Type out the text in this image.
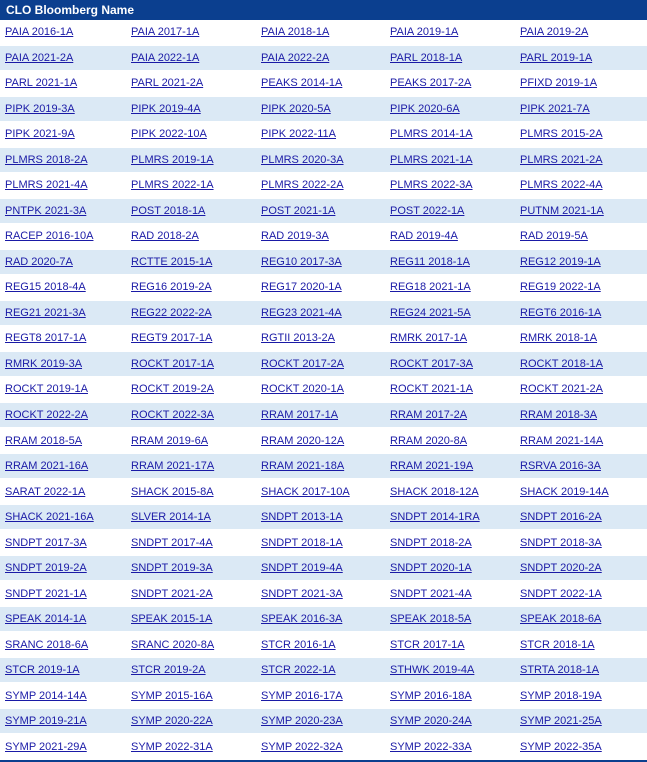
CLO Bloomberg Name
PAIA 2016-1A	PAIA 2017-1A	PAIA 2018-1A	PAIA 2019-1A	PAIA 2019-2A
PAIA 2021-2A	PAIA 2022-1A	PAIA 2022-2A	PARL 2018-1A	PARL 2019-1A
PARL 2021-1A	PARL 2021-2A	PEAKS 2014-1A	PEAKS 2017-2A	PFIXD 2019-1A
PIPK 2019-3A	PIPK 2019-4A	PIPK 2020-5A	PIPK 2020-6A	PIPK 2021-7A
PIPK 2021-9A	PIPK 2022-10A	PIPK 2022-11A	PLMRS 2014-1A	PLMRS 2015-2A
PLMRS 2018-2A	PLMRS 2019-1A	PLMRS 2020-3A	PLMRS 2021-1A	PLMRS 2021-2A
PLMRS 2021-4A	PLMRS 2022-1A	PLMRS 2022-2A	PLMRS 2022-3A	PLMRS 2022-4A
PNTPK 2021-3A	POST 2018-1A	POST 2021-1A	POST 2022-1A	PUTNM 2021-1A
RACEP 2016-10A	RAD 2018-2A	RAD 2019-3A	RAD 2019-4A	RAD 2019-5A
RAD 2020-7A	RCTTE 2015-1A	REG10 2017-3A	REG11 2018-1A	REG12 2019-1A
REG15 2018-4A	REG16 2019-2A	REG17 2020-1A	REG18 2021-1A	REG19 2022-1A
REG21 2021-3A	REG22 2022-2A	REG23 2021-4A	REG24 2021-5A	REGT6 2016-1A
REGT8 2017-1A	REGT9 2017-1A	RGTII 2013-2A	RMRK 2017-1A	RMRK 2018-1A
RMRK 2019-3A	ROCKT 2017-1A	ROCKT 2017-2A	ROCKT 2017-3A	ROCKT 2018-1A
ROCKT 2019-1A	ROCKT 2019-2A	ROCKT 2020-1A	ROCKT 2021-1A	ROCKT 2021-2A
ROCKT 2022-2A	ROCKT 2022-3A	RRAM 2017-1A	RRAM 2017-2A	RRAM 2018-3A
RRAM 2018-5A	RRAM 2019-6A	RRAM 2020-12A	RRAM 2020-8A	RRAM 2021-14A
RRAM 2021-16A	RRAM 2021-17A	RRAM 2021-18A	RRAM 2021-19A	RSRVA 2016-3A
SARAT 2022-1A	SHACK 2015-8A	SHACK 2017-10A	SHACK 2018-12A	SHACK 2019-14A
SHACK 2021-16A	SLVER 2014-1A	SNDPT 2013-1A	SNDPT 2014-1RA	SNDPT 2016-2A
SNDPT 2017-3A	SNDPT 2017-4A	SNDPT 2018-1A	SNDPT 2018-2A	SNDPT 2018-3A
SNDPT 2019-2A	SNDPT 2019-3A	SNDPT 2019-4A	SNDPT 2020-1A	SNDPT 2020-2A
SNDPT 2021-1A	SNDPT 2021-2A	SNDPT 2021-3A	SNDPT 2021-4A	SNDPT 2022-1A
SPEAK 2014-1A	SPEAK 2015-1A	SPEAK 2016-3A	SPEAK 2018-5A	SPEAK 2018-6A
SRANC 2018-6A	SRANC 2020-8A	STCR 2016-1A	STCR 2017-1A	STCR 2018-1A
STCR 2019-1A	STCR 2019-2A	STCR 2022-1A	STHWK 2019-4A	STRTA 2018-1A
SYMP 2014-14A	SYMP 2015-16A	SYMP 2016-17A	SYMP 2016-18A	SYMP 2018-19A
SYMP 2019-21A	SYMP 2020-22A	SYMP 2020-23A	SYMP 2020-24A	SYMP 2021-25A
SYMP 2021-29A	SYMP 2022-31A	SYMP 2022-32A	SYMP 2022-33A	SYMP 2022-35A
